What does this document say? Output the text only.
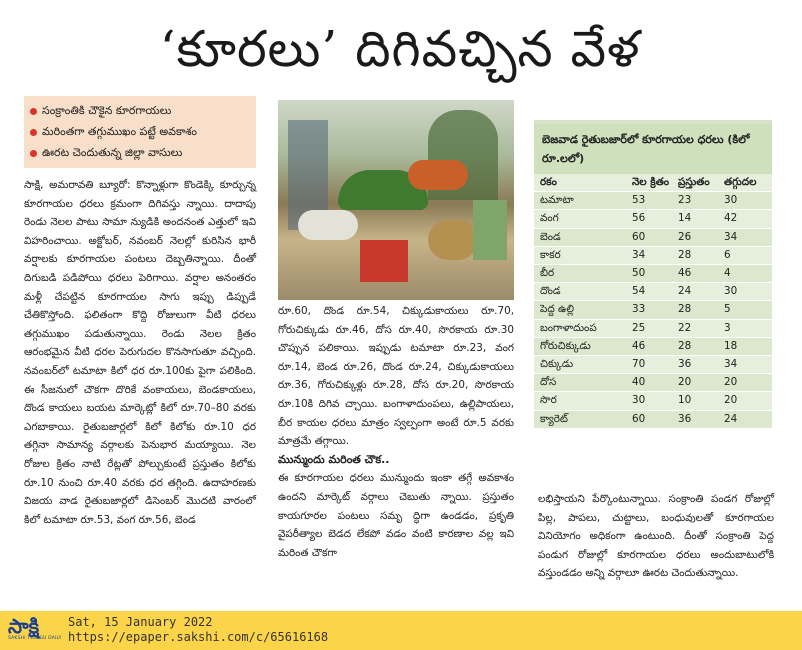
‘కూరలు’ దిగివచ్చిన వేళ
సంక్రాంతికి చౌకైన కూరగాయలు
మరింతగా తగ్గుముఖం పట్టే అవకాశం
ఊరట చెందుతున్న జిల్లా వాసులు

సాక్షి, అమరావతి బ్యూరో: కొన్నాళ్లుగా కొండెక్కి కూర్చున్న కూరగాయల ధరలు క్రమంగా దిగివస్తు న్నాయి. దాదాపు రెండు నెలల పాటు సామా న్యుడికి అందనంత ఎత్తులో ఇవి విహరించాయి. అక్టోబర్, నవంబర్ నెలల్లో కురిసిన భారీ వర్షాలకు కూరగాయల పంటలు దెబ్బతిన్నాయి. దీంతో దిగుబడి పడిపోయి ధరలు పెరిగాయి. వర్షాల అనంతరం మళ్లీ చేపట్టిన కూరగాయల సాగు ఇప్పు డిప్పుడే చేతికొస్తోంది. ఫలితంగా కొద్ది రోజులుగా వీటి ధరలు తగ్గుముఖం పడుతున్నాయి. రెండు నెలల క్రితం ఆరంభమైన వీటి ధరల పెరుగుదల కొనసాగుతూ వచ్చింది. నవంబర్‌లో టమాటా కిలో ధర రూ.100కు పైగా పలికింది. ఈ సీజనులో చౌకగా దొరికే వంకాయలు, బెండకాయలు, దొండ కాయలు బయట మార్కెట్లో కిలో రూ.70–80 వరకు ఎగబాకాయి. రైతుబజార్లలో కిలో కిలోకు రూ.10 ధర తగ్గినా సామాన్య వర్గాలకు పెనుభార మయ్యాయి. నెల రోజుల క్రితం నాటి రేట్లతో పోల్చుకుంటే ప్రస్తుతం కిలోకు రూ.10 నుంచి రూ.40 వరకు ధర తగ్గింది. ఉదాహరణకు విజయ వాడ రైతుబజార్లలో డిసెంబర్ మొదటి వారంలో కిలో టమాటా రూ.53, వంగ రూ.56, బెండ

రూ.60, దొండ రూ.54, చిక్కుడుకాయలు రూ.70, గోరుచిక్కుడు రూ.46, దోస రూ.40, సొరకాయ రూ.30 చొప్పున పలికాయి. ఇప్పుడు టమాటా రూ.23, వంగ రూ.14, బెండ రూ.26, దొండ రూ.24, చిక్కుడుకాయలు రూ.36, గోరుచిక్కుళ్లు రూ.28, దోస రూ.20, సొరకాయ రూ.10కి దిగివ చ్చాయి. బంగాళాదుంపలు, ఉల్లిపాయలు, బీర కాయల ధరలు మాత్రం స్వల్పంగా అంటే రూ.5 వరకు మాత్రమే తగ్గాయి.

మున్ముందు మరింత చౌక..

ఈ కూరగాయల ధరలు మున్ముందు ఇంకా తగ్గే అవకాశం ఉందని మార్కెట్ వర్గాలు చెబుతు న్నాయి. ప్రస్తుతం కాయగూరల పంటలు సమృ ద్ధిగా ఉండడం, ప్రకృతి వైపరీత్యాల బెడద లేకపో వడం వంటి కారణాల వల్ల ఇవి మరింత చౌకగా

బెజవాడ రైతుబజార్‌లో కూరగాయల ధరలు (కిలో రూ.లలో)
రకం	నెల క్రితం ప్రస్తుతం	తగ్గుదల
టమాటా	53	23	30
వంగ	56	14	42
బెండ	60	26	34
కాకర	34	28	6
బీర	50	46	4
దొండ	54	24	30
పెద్ద ఉల్లి	33	28	5
బంగాళాదుంప	25	22	3
గోరుచిక్కుడు	46	28	18
చిక్కుడు	70	36	34
దోస	40	20	20
సొర	30	10	20
క్యారెట్	60	36	24

లభిస్తాయని పేర్కొంటున్నాయి. సంక్రాంతి పండగ రోజుల్లో పిల్ల, పాపలు, చుట్టాలు, బంధువులతో కూరగాయల వినియోగం అధికంగా ఉంటుంది. దీంతో సంక్రాంతి పెద్ద పండుగ రోజుల్లో కూరగాయల ధరలు అందుబాటులోకి వస్తుండడం అన్ని వర్గాలూ ఊరట చెందుతున్నాయి.

సాక్షి
SAKSHI TELUGU DAILY
Sat, 15 January 2022
https://epaper.sakshi.com/c/65616168
